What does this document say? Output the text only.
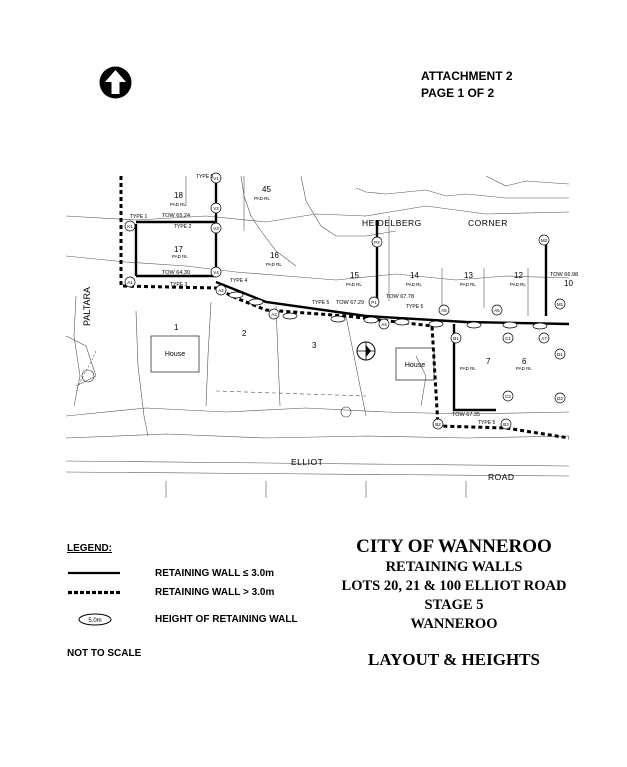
ATTACHMENT 2
PAGE 1 OF 2
House
House
PALTARA
HEIDELBERG	CORNER
ELLIOT
ROAD
18
45
17
16
15	14	13	12
1
2
3
7	6
10
TYPE 1
TYPE 2
TYPE 5
TYPE 3
TYPE 5
TYPE 5
TYPE 5
TYPE 4
TOW 65.24
TOW 64.30
TOW 67.78
TOW 67.29
TOW 67.35
TOW 66.98
PAD RL
PAD RL
PAD RL
PAD RL
PAD RL	PAD RL	PAD RL	PAD RL
PAD RL	PAD RL
V1
V2
V3
V4
K1
A1
A2
A3
P2
P1
A4
A5	A6
B1	C1
C2
B3
B2
A7
M2
M1
D1
D2
LEGEND:
RETAINING WALL ≤ 3.0m
RETAINING WALL > 3.0m
5.0m	HEIGHT OF RETAINING WALL
NOT TO SCALE
CITY OF WANNEROO
RETAINING WALLS
LOTS 20, 21 & 100 ELLIOT ROAD
STAGE 5
WANNEROO
LAYOUT & HEIGHTS
